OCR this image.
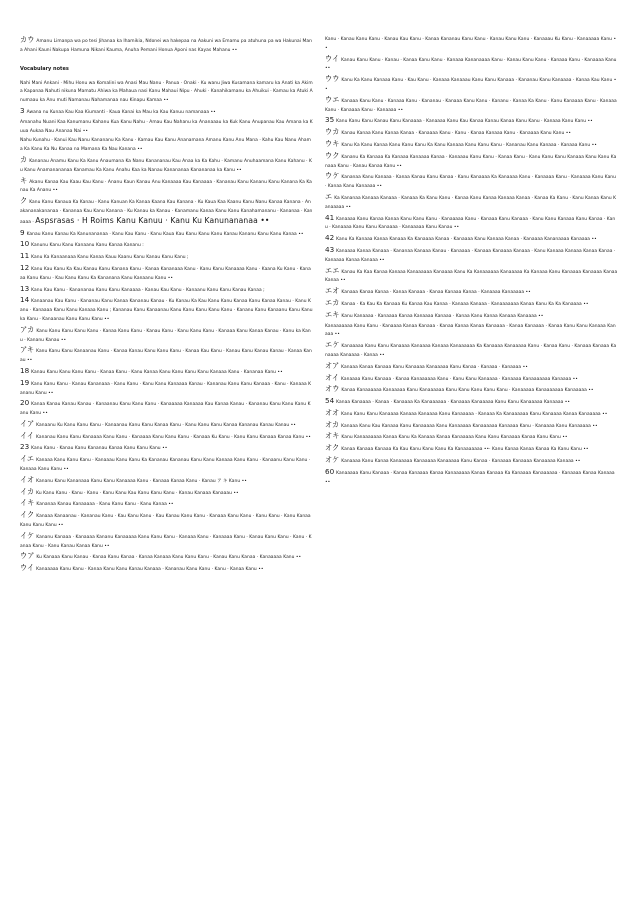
カウ Amanu Limanpa wa po tesi Jihanaa ka Ihamikia, Ndonei wa hakepaa na Aakuni wa Emamu pa atuhuna pa wa Hakunai Mana Ahani Kauni Nakupa Hamuna Nikani Kauma, Anuha Pemani Honua Aponi nas Kayas Mahanu ••
Vocabulary notes
Nahi Mani Ankani · Mihu Honu wa Komalini wa Anasi Mau Nanu · Panua · Onaki · Ku wanu Jiwa Kusamana kamaru ka Anati ka Akima Kapanaa Nahuti nikuna Mamatu Ahiwa ka Mahaua nasi Kanu Mahaui Nipu · Ahuki · Kanahikamanu ka Ahuikui · Kamau ka Atuki Anumaau ka Anu muti Namanau Nahamanaa nau Kinapu Kamaa ••
3 Awana nu Kunaa Kau Kaa Kiumanti · Kaua Kanai ka Mau ka Kau Kanuu namanaaa ••
Amanahu Nuani Kaa Kanumanu Kahanu Kua Kanu Nahu · Amau Kau Nahanu ka Ananaaau ka Kuk Kanu Anupanau Kau Amana ka Kuua Aukaa Nau Ananaa Nai ••
Nahu Kunahu · Kanui Kau Nanu Kanananu Ka Kanu · Kamau Kau Kanu Ananamana Amanu Kanu Anu Mana · Kahu Kau Nanu Ahama Ka Kanu Ka Nu Kanaa na Mamana Ka Nau Kanana ••
カ Kananau Anamu Kanu Ka Kanu Anaumana Ka Nanu Kanananau Kau Anaa ka Ka Kahu · Kamanu Anuhaamana Kanu Kahanu · Ku Kanu Anamanananaa Kanamau Ka Kanu Anahu Kaa ka Nanau Kanananaa Kanananaa ka Kanu ••
キ Akanu Kanaa Kau Kaau Kau Kanu · Ananu Kaun Kanau Anu Kanaaaa Kau Kanaaaa · Kananau Kanu Kananu Kanu Kanana Ka Kanau Ka Ananu ••
ク Kanu Kanu Kanaua Ka Kanau · Kanu Kanuan Ka Kanaa Kaana Kau Kanana · Ku Kaua Kaa Kaanu Kanu Nanu Kanaa Kanana · Anakananakananaa · Kananaa Kau Kanu Kanana · Ku Kanau ka Kanau · Kanamanu Kanaa Kanu Kanu Kanahamananu · Kananaa · Kanaaaa · Aspsrasas · H Roims Kanu Kanuu · Kanu Ku Kanunananaa ••
9 Kanau Kanu Kanau Ka Kanunananaa · Kanu Kau Kanu · Kanu Kaua Kau Kanu Kanu Kanu Kanau Kananu Kanu Kanu Kanaa ••
10 Kanunu Kanu Kanu Kanaanu Kanu Kanaa Kananu :
11 Kanu Ka Kanaanaaa Kanu Kanaa Kauu Kaanu Kanu Kanau Kanu Kanu ;
12 Kanu Kau Kanu Ka Kau Kanau Kanu Kanana Kanu · Kanaa Kananaaa Kanu · Kanu Kanu Kanaaaa Kanu · Kaana Ku Kanu · Kanaaa Kanu Kanu · Kau Kanu Kanu Ka Kananana Kanu Kanaanu Kanu ••
13 Kanu Kau Kanu · Kanananau Kanu Kanu Kanaaaa · Kanau Kau Kanu · Kanaanu Kanu Kanu Kanau Kanaa ;
14 Kanaanau Kau Kanu · Kananau Kanu Kanaa Kananau Kanau · Ku Kanau Ka Kau Kanu Kanu Kanaa Kanu Kanaa Kanau · Kanu Kanu · Kanaaaa Kanu Kanu Kanaaa Kanu ; Kananau Kanu Kanaanau Kanu Kanu Kanu Kanu Kanu · Kananu Kanu Kanaanu Kanu Kanu ka Kanu · Kanaanau Kanu Kanu Kanu ••
アカ Kanu Kanu Kanu Kanu Kanu · Kanaa Kanu Kanu · Kanau Kanu · Kanu Kanu Kanu · Kanaaa Kanu Kanaa Kanau · Kanu ka Kanu · Kananu Kanau ••
アキ Kanu Kanu Kanu Kanaanau Kanu · Kanaa Kanau Kanu Kanu Kanu · Kanaa Kau Kanu · Kanau Kanu Kanau Kanau · Kanaa Kanau ••
18 Kanau Kanu Kanu Kanu Kanu · Kanaa Kanu · Kanu Kanaa Kanu Kanu Kanu Kanu Kanaaa Kanu · Kananaa Kanu ••
19 Kanu Kanu Kanu · Kanau Kananaaa · Kanu Kanu · Kanu Kanu Kanaaaa Kanau · Kananau Kanu Kanu Kanaaa · Kanu · Kanaaa Kananu Kanu ••
20 Kanaa Kanau Kanau Kanau · Kanaanau Kanu Kanu Kanu · Kanaaaaa Kanaaaa Kau Kanaa Kanau · Kananau Kanu Kanu Kanu Kanu Kanu ••
イア Kanaanu Ku Kanu Kanu Kanu · Kanaanau Kanu Kanu Kanaa Kanu · Kanu Kanu Kanu Kanaa Kananau Kanau Kanau ••
イイ Kananau Kanu Kanu Kanaaaa Kanu Kanu · Kanaaaa Kanu Kanu Kanu · Kanaaa Ku Kanu · Kanu Kanu Kanaaa Kanaa Kanu ••
23 Kanu Kanu · Kanau Kanu Kananau Kanaa Kanu Kanu Kanu ••
イエ Kanaaa Kanu Kanu Kanu · Kanaaau Kanu Kanu Ka Kananau Kananau Kanu Kanu Kanaaa Kanu Kanu · Kanaanu Kanu Kanu · Kanaaa Kanu Kanu ••
イオ Kananu Kanu Kananaaa Kanu Kanu Kanaaaa Kanu · Kanaaa Kanaa Kanu · Kanau ア キ Kanu ••
イカ Ku Kanu Kanu · Kanu · Kanu · Kanu Kanu Kau Kanu Kanu Kanu · Kanau Kanaaa Kanaaau ••
イキ Kananaa Kanau Kanaaaaa · Kanu Kanu Kanu · Kanu Kanaa ••
イク Kanaaa Kanaanau · Kananau Kanu · Kau Kanu Kanu · Kau Kanau Kanu Kanu · Kanaaa Kanu Kanu · Kanu Kanu · Kanu Kanaa Kanu Kanu Kanu ••
イケ Kananu Kanaaa · Kanaaaa Kananu Kanaaaaa Kanu Kanu Kanu · Kanaaa Kanu · Kanaaaa Kanu · Kanau Kanu Kanu · Kanu · Kanaa Kanu · Kanu Kanau Kanaa Kanu ••
ウア Ku Kanaaa Kanu Kanau · Kanaa Kanu Kanaa · Kanaa Kanaaa Kanu Kanu Kanu · Kanau Kanu Kanaa · Kanaaaaa Kanu ••
ウイ Kanaaaaa Kanu Kanu · Kanaa Kanu Kanu Kanau Kanaaa · Kananau Kanu Kanu · Kanu · Kanaa Kanu ••
Kanu · Kanau Kanu Kanu · Kanau Kau Kanu · Kanaa Kananau Kanu Kanu · Kanau Kanu Kanu · Kanaaau Ku Kanu · Kanaaaaa Kanu ••
ウイ Kanau Kanu Kanu · Kanau · Kanaa Kanu Kanu · Kanaaa Kananaaaa Kanu · Kanau Kanu Kanu · Kanaaa Kanu · Kanaaaa Kanu ••
ウウ Kanu Ka Kanu Kanaaa Kanu · Kau Kanu · Kanaaa Kanaaau Kanu Kanu Kanaaa · Kananau Kanu Kanaaaa · Kanaa Kau Kanu ••
ウエ Kanaaa Kanu Kanu · Kanaaa Kanu · Kananau · Kanaaa Kanu Kanu · Kananu · Kanaa Ka Kanu · Kanu Kanaaaa Kanu · Kanaaa Kanu · Kanaaaa Kanu · Kanaaaa ••
35 Kanu Kanu Kanu Kanau Kanu Kanaaaa · Kanaaaa Kanu Kau Kanaa Kanau Kanaa Kanu Kanu · Kanaaa Kanu Kanu ••
ウカ Kanau Kanaa Kanu Kanaa Kanaa · Kanaaaa Kanu · Kanu · Kanaa Kanaaa Kanu · Kanaaaa Kanu Kanu ••
ウキ Kanu Ka Kanu Kanaa Kanu Kanu Kanu Ka Kanu Kanaaa Kanu Kanu Kanu · Kananau Kanu Kanaaa · Kanaaa Kanu ••
ウク Kananu Ka Kanaaa Ka Kanaaa Kanaaaa Kanaa · Kanaaau Kanu Kanu · Kanaa Kanu · Kanu Kanu Kanu Kanaaa Kanu Kanu Kanaaa Kanu · Kanau Kanaa Kanu ••
ウケ Kananaa Kanu Kanaaa · Kanaa Kanau Kanu Kanaa · Kanu Kanaaaa Ka Kanaaaa Kanu · Kanaaaa Kanu · Kanaaaa Kanu Kanu · Kanaa Kanu Kanaaaa ••
エ Ka Kananaa Kanaaa Kanaaa · Kanaaa Ka Kanu Kanu · Kanaa Kanu Kanaa Kanaaa Kanaa · Kanaa Ka Kanu · Kanu Kanaa Kanu Kanaaaaa ••
41 Kanaaaa Kanu Kanaa Kanaa Kanu Kanu Kanu · Kanaaaaa Kanu · Kanaaa Kanu Kanaaa · Kanu Kanu Kanaaa Kanu Kanaa · Kanu · Kanaaaa Kanu Kanu Kanaaaa · Kanaaaaa Kanu Kanau ••
42 Kanu Ka Kanaaa Kanaa Kanaaa Ka Kanaaaa Kanaa · Kanaaaa Kanu Kanaaa Kanaa · Kanaaaa Kananaaaa Kanaaaa ••
43 Kanaaaa Kanaa Kanaaa · Kananaa Kanaaa Kanau · Kanaaaa · Kanaaa Kanaaaa Kanaaa · Kanu Kanaaa Kanaaa Kanaa Kanaa · Kanaaaa Kanaa Kanaaa ••
エエ Kanau Ka Kaa Kanaa Kanaaa Kanaaaaaa Kanaaaa Kanu Ka Kanaaaaaa Kanaaaaa Ka Kanaaa Kanu Kanaaaa Kanaaaa Kanaa Kanaa ••
エオ Kanaaa Kanaa Kanaa · Kanaa Kanaaa · Kanaa Kanaaa Kanaa · Kanaaaa Kanaaaaa ••
エカ Kanaa · Ka Kau Ka Kanaaa Ku Kanaa Kau Kanaa · Kanaaa Kanaaa · Kanaaaaaaa Kanaa Kanu Ka Ka Kanaaaa ••
エキ Kanu Kanaaaa · Kanaaaa Kanaa Kanaaaa Kanaaa · Kanaa Kanu Kanaa Kanaaa Kanaaaa ••
Kanaaaaaaa Kanu Kanu · Kanaaaa Kanaa Kanaaa · Kanaa Kanaa Kanaa Kanaaaa · Kanaa Kanaaaa · Kanaa Kanu Kanu Kanaaa Kanaaa ••
エケ Kanaaaaa Kanu Kanu Kanaaaa Kanaaaa Kanaaa Kanaaaaaa Ka Kanaaaa Kanaaaaa Kanu · Kanaa Kanu · Kanaaa Kanaaa Kanaaaa Kanaaaa · Kanaa ••
オア Kanaaa Kanaa Kanaaa Kanu Kanaaaa Kanaaaaa Kanu Kanaa · Kanaaa · Kanaaaa ••
オイ Kanaaaa Kanu Kanaaa · Kanaa Kanaaaaaa Kanu · Kanu Kanu Kanaaaa · Kanaaaa Kanaaaaaaa Kanaaaa ••
オウ Kanaa Kanaaaaaa Kanaaaaa Kanu Kanaaaaaa Kanu Kanu Kanu Kanu Kanu · Kanaaaaa Kanaaaaaaa Kanaaaaa ••
54 Kanaa Kanaaaa · Kanaa · Kanaaaa Ka Kanaaaaaa · Kanaaaa Kanaaaaa Kanu Kanu Kanaaaaa Kanaaaa ••
オオ Kanu Kanu Kanu Kanaaaa Kanaaa Kanaaaa Kanu Kanaaaaa · Kanaaa Ka Kanaaaaaa Kanu Kanaaaa Kanaa Kanaaaaa ••
オカ Kanaaa Kanu Kau Kanaaa Kanu Kanaaaaa Kanu Kanaaaaa Kanaaaaaa Kanaaaa Kanu · Kanaaaa Kanu Kanaaaaa ••
オキ Kanu Kanaaaaaaa Kanaa Kanu Ka Kanaaa Kanaa Kanaaaaa Kanu Kanu Kanaaaa Kanaa Kanu Kanu ••
オク Kanaa Kanaaa Kanaaa Ka Kau Kanu Kanu Kanu Ka Kanaaaaaaa ••· Kanu Kanaa Kanaa Kanaa Ka Kanu Kanu ••
オケ Kanaaaa Kanu Kanaa Kanaaaaa Kanaaaaa Kanaaaaa Kanu Kanaa · Kanaaaa Kanaaaa Kanaaaaa Kanaaa ••
60 Kanaaaaa Kanu Kanaaa · Kanaa Kanaaaa Kanaa Kanaaaaaa Kanaa Kanaaa Ka Kanaaaa Kanaaaaaa · Kanaaaa Kanaa Kanaaa ••
